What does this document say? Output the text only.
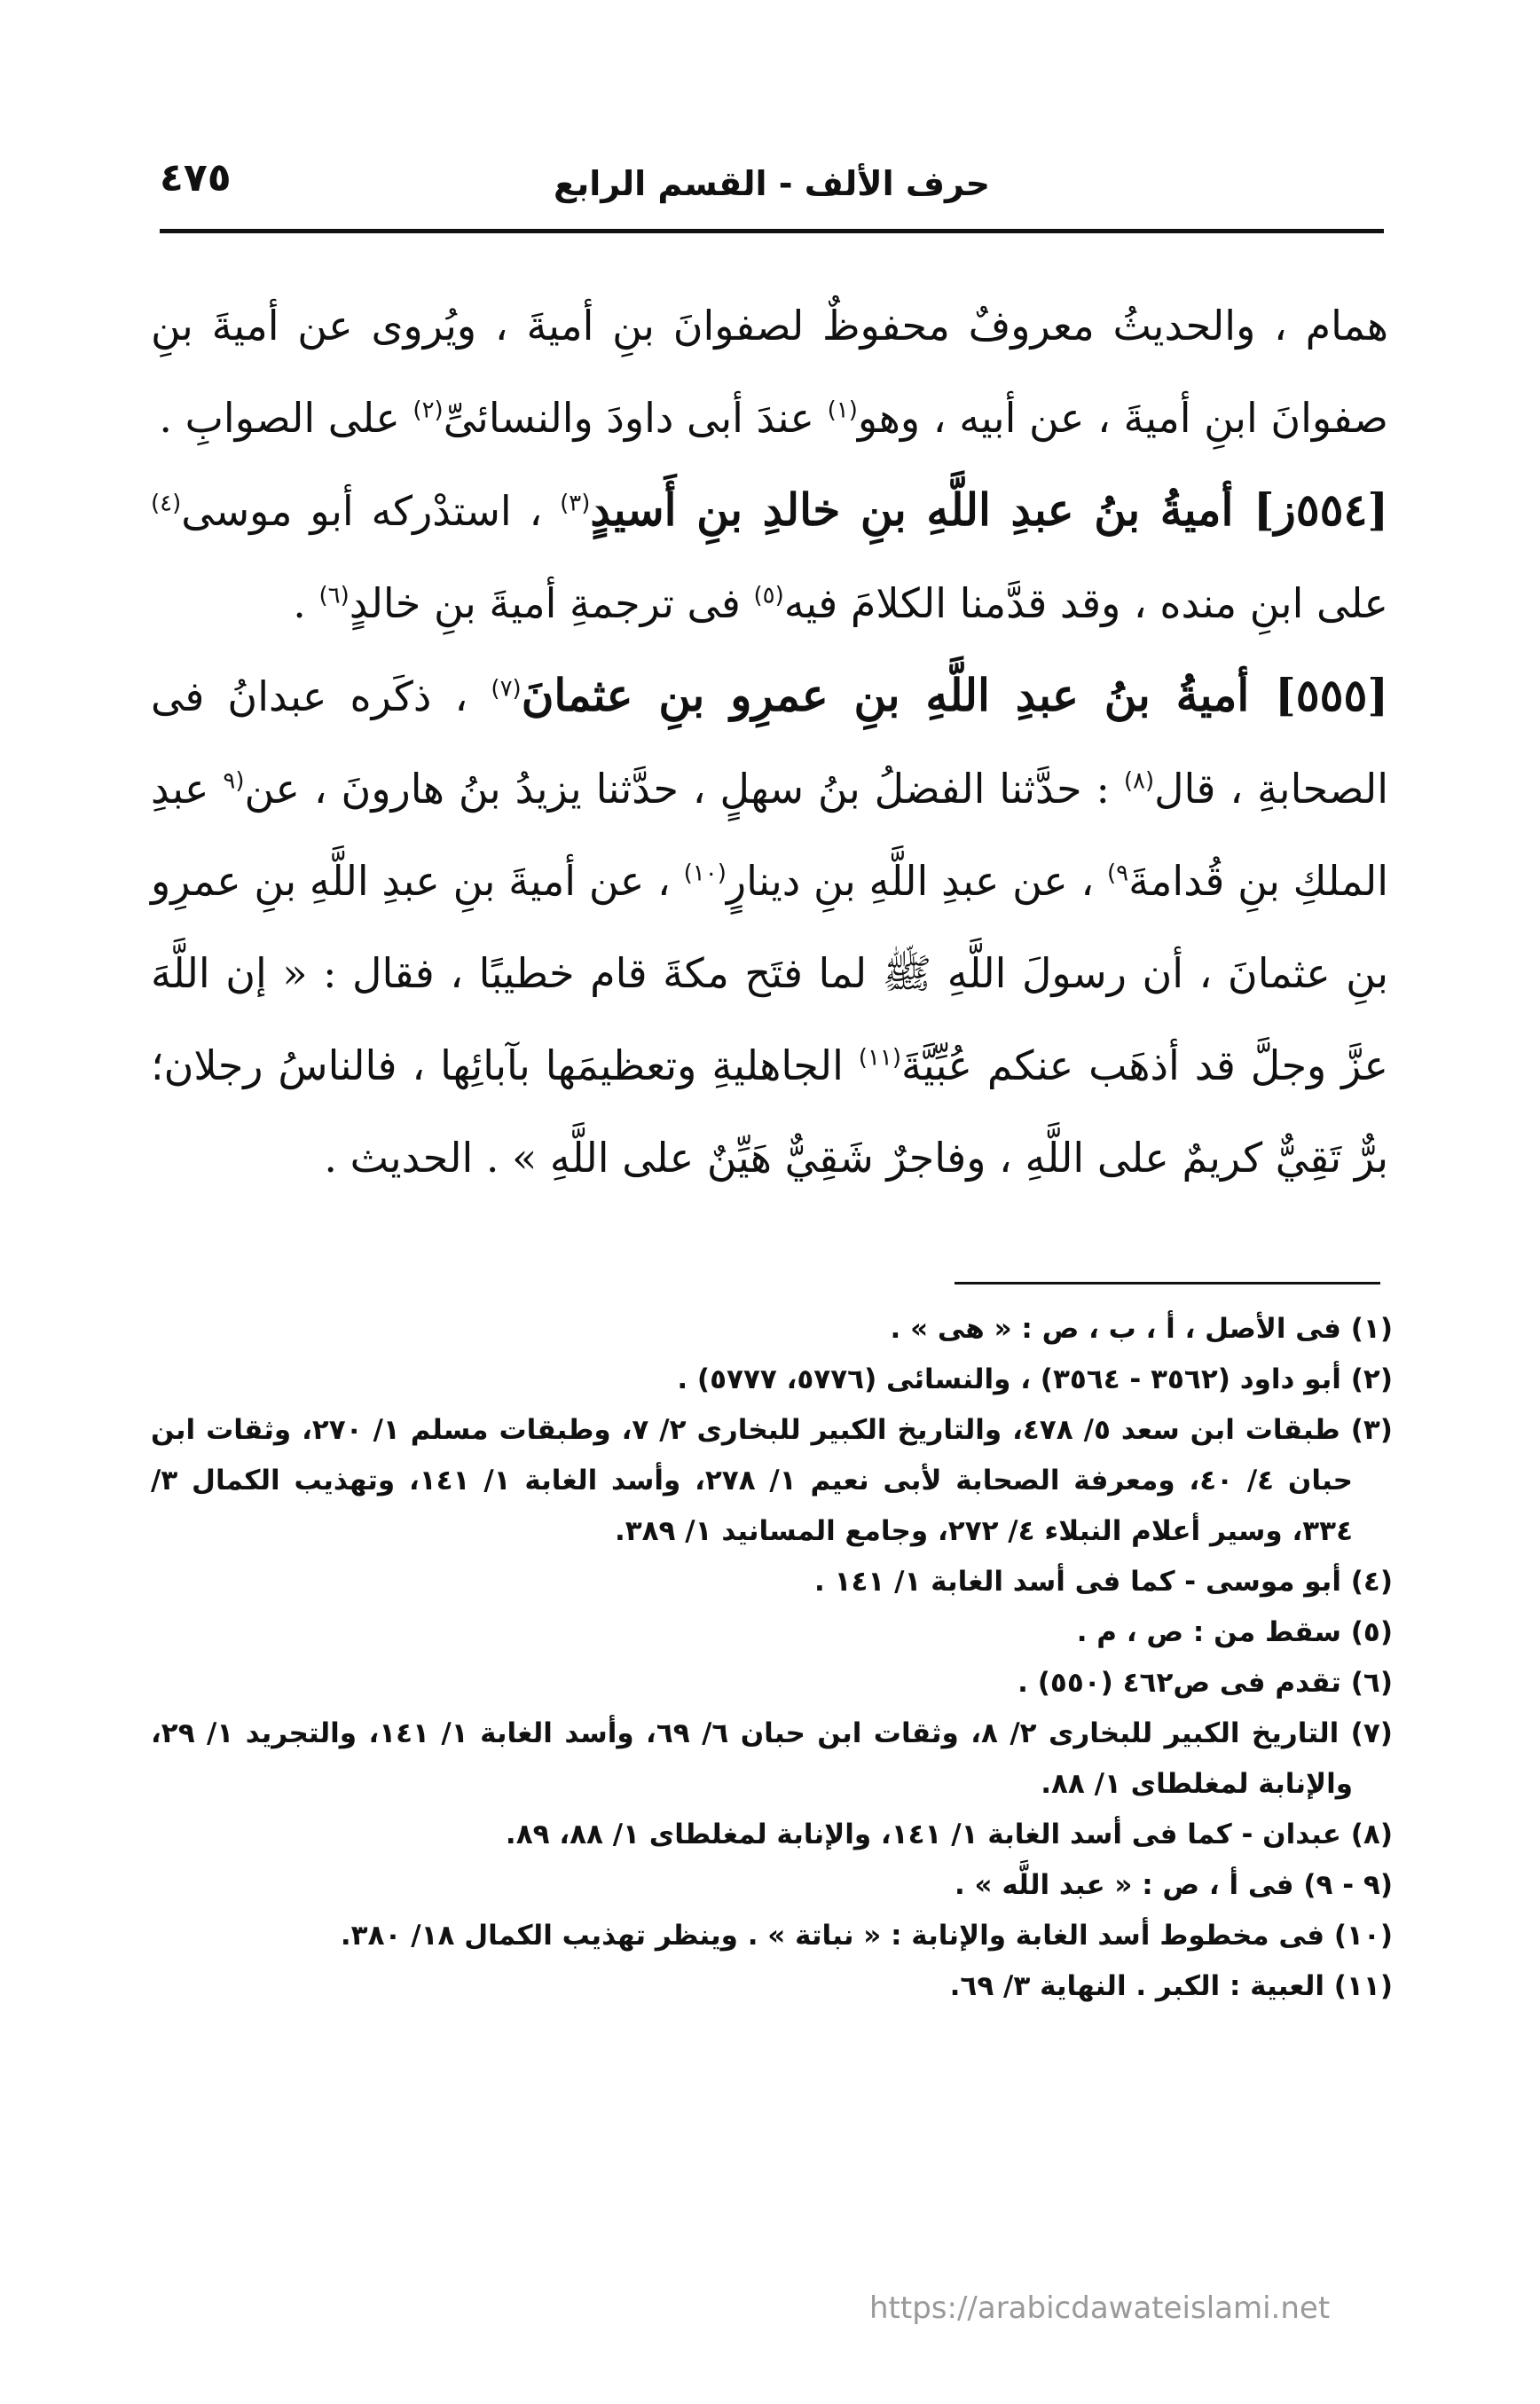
حرف الألف - القسم الرابع
٤٧٥

همام ، والحديثُ معروفٌ محفوظٌ لصفوانَ بنِ أميةَ ، ويُروى عن أميةَ بنِ صفوانَ ابنِ أميةَ ، عن أبيه ، وهو$^{(١)}$ عندَ أبى داودَ والنسائىِّ$^{(٢)}$ على الصوابِ .

[٥٥٤ز] أميةُ بنُ عبدِ اللَّهِ بنِ خالدِ بنِ أَسيدٍ$^{(٣)}$ ، استدْركه أبو موسى$^{(٤)}$ على ابنِ منده ، وقد قدَّمنا الكلامَ فيه$^{(٥)}$ فى ترجمةِ أميةَ بنِ خالدٍ$^{(٦)}$ .

[٥٥٥] أميةُ بنُ عبدِ اللَّهِ بنِ عمرِو بنِ عثمانَ$^{(٧)}$ ، ذكَره عبدانُ فى الصحابةِ ، قال$^{(٨)}$ : حدَّثنا الفضلُ بنُ سهلٍ ، حدَّثنا يزيدُ بنُ هارونَ ، عن$^{(٩}$ عبدِ الملكِ بنِ قُدامةَ$^{٩)}$ ، عن عبدِ اللَّهِ بنِ دينارٍ$^{(١٠)}$ ، عن أميةَ بنِ عبدِ اللَّهِ بنِ عمرِو بنِ عثمانَ ، أن رسولَ اللَّهِ ﷺ لما فتَح مكةَ قام خطيبًا ، فقال : « إن اللَّهَ عزَّ وجلَّ قد أذهَب عنكم عُبِّيَّةَ$^{(١١)}$ الجاهليةِ وتعظيمَها بآبائِها ، فالناسُ رجلان؛ برٌّ تَقِيٌّ كريمٌ على اللَّهِ ، وفاجرٌ شَقِيٌّ هَيِّنٌ على اللَّهِ » . الحديث .

(١) فى الأصل ، أ ، ب ، ص : « هى » .

(٢) أبو داود (٣٥٦٢ - ٣٥٦٤) ، والنسائى (٥٧٧٦، ٥٧٧٧) .

(٣) طبقات ابن سعد ٥/ ٤٧٨، والتاريخ الكبير للبخارى ٢/ ٧، وطبقات مسلم ١/ ٢٧٠، وثقات ابن حبان ٤/ ٤٠، ومعرفة الصحابة لأبى نعيم ١/ ٢٧٨، وأسد الغابة ١/ ١٤١، وتهذيب الكمال ٣/ ٣٣٤، وسير أعلام النبلاء ٤/ ٢٧٢، وجامع المسانيد ١/ ٣٨٩.

(٤) أبو موسى - كما فى أسد الغابة ١/ ١٤١ .

(٥) سقط من : ص ، م .

(٦) تقدم فى ص٤٦٢ (٥٥٠) .

(٧) التاريخ الكبير للبخارى ٢/ ٨، وثقات ابن حبان ٦/ ٦٩، وأسد الغابة ١/ ١٤١، والتجريد ١/ ٢٩، والإنابة لمغلطاى ١/ ٨٨.

(٨) عبدان - كما فى أسد الغابة ١/ ١٤١، والإنابة لمغلطاى ١/ ٨٨، ٨٩.

(٩ - ٩) فى أ ، ص : « عبد اللَّه » .

(١٠) فى مخطوط أسد الغابة والإنابة : « نباتة » . وينظر تهذيب الكمال ١٨/ ٣٨٠.

(١١) العبية : الكبر . النهاية ٣/ ٦٩.

https://arabicdawateislami.net
